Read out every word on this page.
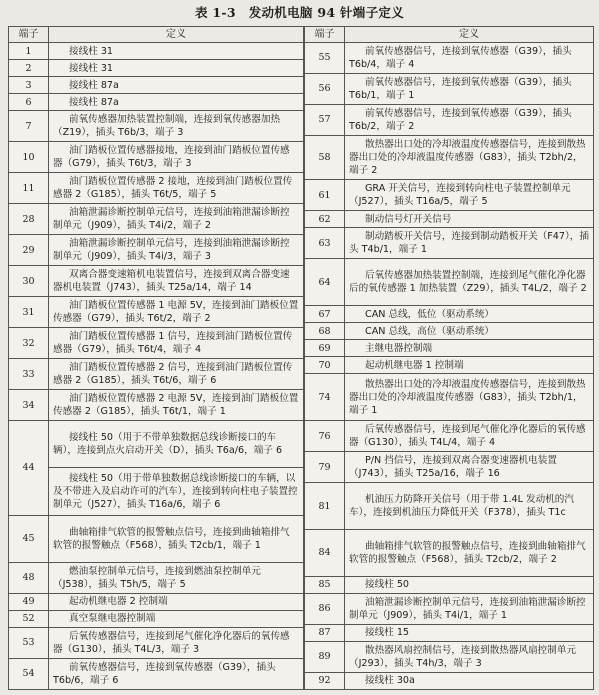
表 1-3　发动机电脑 94 针端子定义
端子	定义
1	接线柱 31
2	接线柱 31
3	接线柱 87a
6	接线柱 87a
7	前氧传感器加热装置控制端，连接到氧传感器加热（Z19），插头 T6b/3，端子 3
10	油门踏板位置传感器接地，连接到油门踏板位置传感器（G79），插头 T6t/3，端子 3
11	油门踏板位置传感器 2 接地，连接到油门踏板位置传感器 2（G185），插头 T6t/5，端子 5
28	油箱泄漏诊断控制单元信号，连接到油箱泄漏诊断控制单元（J909），插头 T4i/2，端子 2
29	油箱泄漏诊断控制单元信号，连接到油箱泄漏诊断控制单元（J909），插头 T4i/3，端子 3
30	双离合器变速箱机电装置信号，连接到双离合器变速器机电装置（J743），插头 T25a/14，端子 14
31	油门踏板位置传感器 1 电源 5V，连接到油门踏板位置传感器（G79），插头 T6t/2，端子 2
32	油门踏板位置传感器 1 信号，连接到油门踏板位置传感器（G79），插头 T6t/4，端子 4
33	油门踏板位置传感器 2 信号，连接到油门踏板位置传感器 2（G185），插头 T6t/6，端子 6
34	油门踏板位置传感器 2 电源 5V，连接到油门踏板位置传感器 2（G185），插头 T6t/1，端子 1
44	接线柱 50（用于不带单独数据总线诊断接口的车辆），连接到点火启动开关（D），插头 T6a/6，端子 6
	接线柱 50（用于带单独数据总线诊断接口的车辆，以及不带进入及启动许可的汽车），连接到转向柱电子装置控制单元（J527），插头 T16a/6，端子 6
45	曲轴箱排气软管的报警触点信号，连接到曲轴箱排气软管的报警触点（F568），插头 T2cb/1，端子 1
48	燃油泵控制单元信号，连接到燃油泵控制单元（J538），插头 T5h/5，端子 5
49	起动机继电器 2 控制端
52	真空泵继电器控制端
53	后氧传感器信号，连接到尾气催化净化器后的氧传感器（G130），插头 T4L/3，端子 3
54	前氧传感器信号，连接到氧传感器（G39），插头 T6b/6，端子 6
端子	定义
55	前氧传感器信号，连接到氧传感器（G39），插头 T6b/4，端子 4
56	前氧传感器信号，连接到氧传感器（G39），插头 T6b/1，端子 1
57	前氧传感器信号，连接到氧传感器（G39），插头 T6b/2，端子 2
58	散热器出口处的冷却液温度传感器信号，连接到散热器出口处的冷却液温度传感器（G83），插头 T2bh/2，端子 2
61	GRA 开关信号，连接到转向柱电子装置控制单元（J527），插头 T16a/5，端子 5
62	制动信号灯开关信号
63	制动踏板开关信号，连接到制动踏板开关（F47），插头 T4b/1，端子 1
64	后氧传感器加热装置控制端，连接到尾气催化净化器后的氧传感器 1 加热装置（Z29），插头 T4L/2，端子 2
67	CAN 总线，低位（驱动系统）
68	CAN 总线，高位（驱动系统）
69	主继电器控制端
70	起动机继电器 1 控制端
74	散热器出口处的冷却液温度传感器信号，连接到散热器出口处的冷却液温度传感器（G83），插头 T2bh/1，端子 1
76	后氧传感器信号，连接到尾气催化净化器后的氧传感器（G130），插头 T4L/4，端子 4
79	P/N 挡信号，连接到双离合器变速器机电装置（J743），插头 T25a/16，端子 16
81	机油压力防降开关信号（用于带 1.4L 发动机的汽车），连接到机油压力降低开关（F378），插头 T1c
84	曲轴箱排气软管的报警触点信号，连接到曲轴箱排气软管的报警触点（F568），插头 T2cb/2，端子 2
85	接线柱 50
86	油箱泄漏诊断控制单元信号，连接到油箱泄漏诊断控制单元（J909），插头 T4i/1，端子 1
87	接线柱 15
89	散热器风扇控制信号，连接到散热器风扇控制单元（J293），插头 T4h/3，端子 3
92	接线柱 30a
